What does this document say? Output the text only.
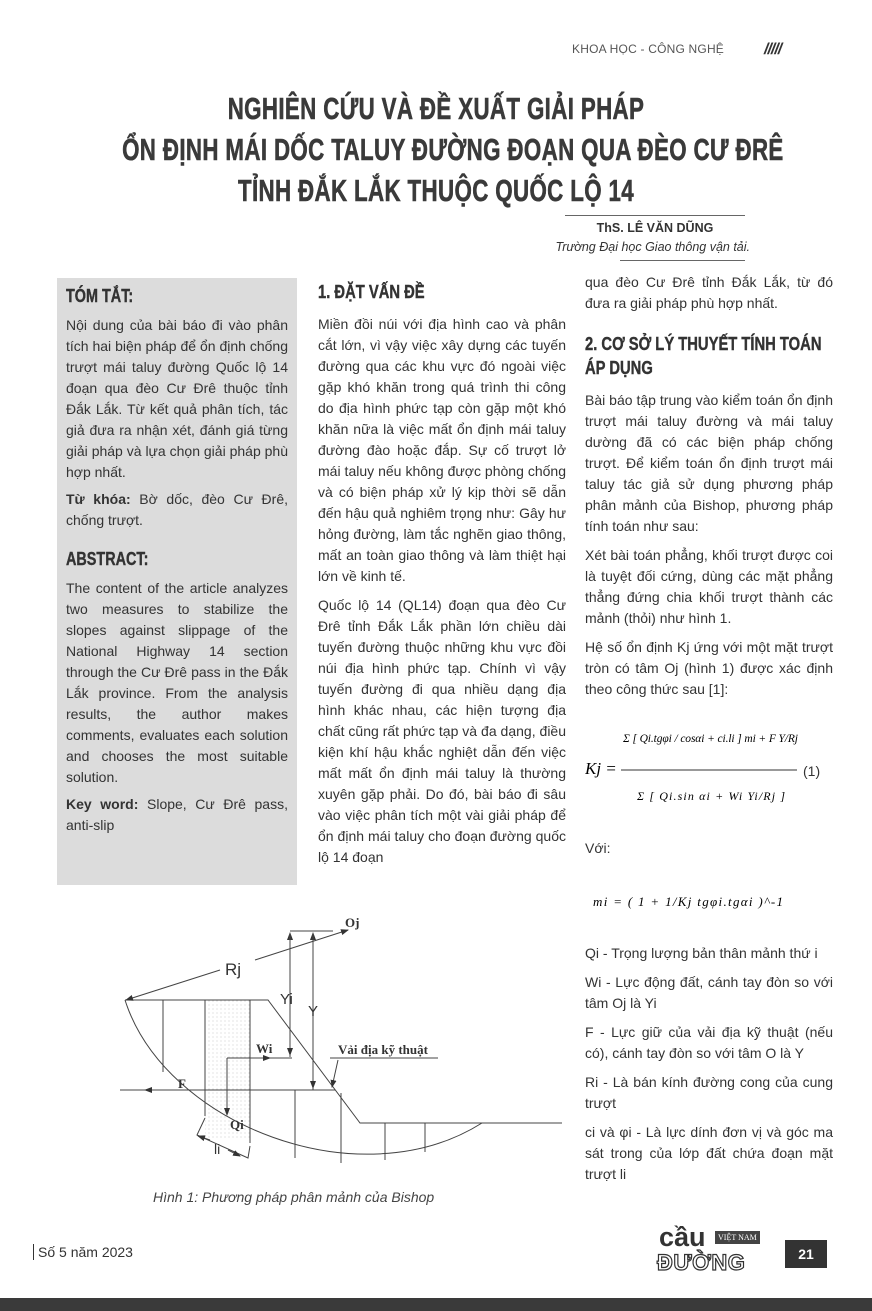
KHOA HỌC - CÔNG NGHỆ /////
NGHIÊN CỨU VÀ ĐỀ XUẤT GIẢI PHÁP
ỔN ĐỊNH MÁI DỐC TALUY ĐƯỜNG ĐOẠN QUA ĐÈO CƯ ĐRÊ
TỈNH ĐẮK LẮK THUỘC QUỐC LỘ 14
ThS. LÊ VĂN DŨNG
Trường Đại học Giao thông vận tải.
TÓM TẮT:

Nội dung của bài báo đi vào phân tích hai biện pháp để ổn định chống trượt mái taluy đường Quốc lộ 14 đoạn qua đèo Cư Đrê thuộc tỉnh Đắk Lắk. Từ kết quả phân tích, tác giả đưa ra nhận xét, đánh giá từng giải pháp và lựa chọn giải pháp phù hợp nhất.

Từ khóa: Bờ dốc, đèo Cư Đrê, chống trượt.

ABSTRACT:

The content of the article analyzes two measures to stabilize the slopes against slippage of the National Highway 14 section through the Cư Đrê pass in the Đắk Lắk province. From the analysis results, the author makes comments, evaluates each solution and chooses the most suitable solution.

Key word: Slope, Cư Đrê pass, anti-slip

1. ĐẶT VẤN ĐỀ

Miền đồi núi với địa hình cao và phân cắt lớn, vì vậy việc xây dựng các tuyến đường qua các khu vực đó ngoài việc gặp khó khăn trong quá trình thi công do địa hình phức tạp còn gặp một khó khăn nữa là việc mất ổn định mái taluy đường đào hoặc đắp. Sự cố trượt lở mái taluy nếu không được phòng chống và có biện pháp xử lý kịp thời sẽ dẫn đến hậu quả nghiêm trọng như: Gây hư hỏng đường, làm tắc nghẽn giao thông, mất an toàn giao thông và làm thiệt hại lớn về kinh tế.

Quốc lộ 14 (QL14) đoạn qua đèo Cư Đrê tỉnh Đắk Lắk phần lớn chiều dài tuyến đường thuộc những khu vực đồi núi địa hình phức tạp. Chính vì vậy tuyến đường đi qua nhiều dạng địa hình khác nhau, các hiện tượng địa chất cũng rất phức tạp và đa dạng, điều kiện khí hậu khắc nghiệt dẫn đến việc mất mất ổn định mái taluy là thường xuyên gặp phải. Do đó, bài báo đi sâu vào việc phân tích một vài giải pháp để ổn định mái taluy cho đoạn đường quốc lộ 14 đoạn

qua đèo Cư Đrê tỉnh Đắk Lắk, từ đó đưa ra giải pháp phù hợp nhất.

2. CƠ SỞ LÝ THUYẾT TÍNH TOÁN ÁP DỤNG

Bài báo tập trung vào kiểm toán ổn định trượt mái taluy đường và mái taluy dường đã có các biện pháp chống trượt. Để kiểm toán ổn định trượt mái taluy tác giả sử dụng phương pháp phân mảnh của Bishop, phương pháp tính toán như sau:

Xét bài toán phẳng, khối trượt được coi là tuyệt đối cứng, dùng các mặt phẳng thẳng đứng chia khối trượt thành các mảnh (thỏi) như hình 1.

Hệ số ổn định Kj ứng với một mặt trượt tròn có tâm Oj (hình 1) được xác định theo công thức sau [1]:

Kj =
Σ [ Qi.tgφi / cosαi + ci.li ] mi + F Y/Rj
Σ [ Qi.sin αi + Wi Yi/Rj ]
(1)

Với:

mi = ( 1 + 1/Kj tgφi.tgαi )^-1

Qi - Trọng lượng bản thân mảnh thứ i

Wi - Lực động đất, cánh tay đòn so với tâm Oj là Yi

F - Lực giữ của vải địa kỹ thuật (nếu có), cánh tay đòn so với tâm O là Y

Ri - Là bán kính đường cong của cung trượt

ci và φi - Là lực dính đơn vị và góc ma sát trong của lớp đất chứa đoạn mặt trượt li

Oj
Rj
Yi
Y
Wi	Vải địa kỹ thuật
F
Qi
li
Hình 1: Phương pháp phân mảnh của Bishop
Số 5 năm 2023	cầu	VIỆT NAM
ĐƯỜNG	21
